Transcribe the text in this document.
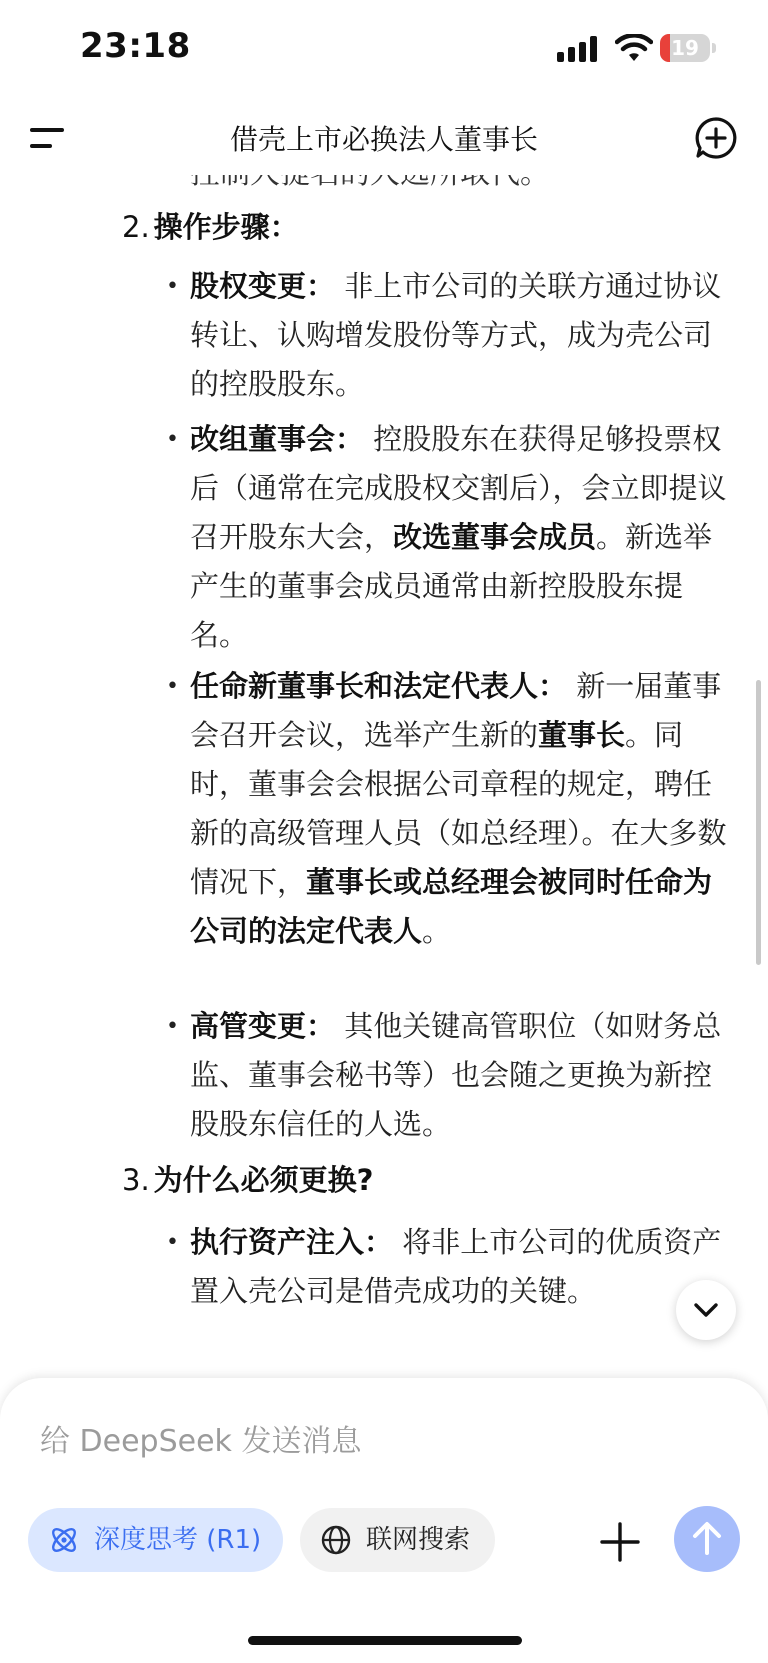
23:18	19
借壳上市必换法人董事长
2. 操作步骤：
• 股权变更： 非上市公司的关联方通过协议转让、认购增发股份等方式，成为壳公司的控股股东。
• 改组董事会： 控股股东在获得足够投票权后（通常在完成股权交割后），会立即提议召开股东大会，改选董事会成员。新选举产生的董事会成员通常由新控股股东提名。
• 任命新董事长和法定代表人： 新一届董事会召开会议，选举产生新的董事长。同时，董事会会根据公司章程的规定，聘任新的高级管理人员（如总经理）。在大多数情况下，董事长或总经理会被同时任命为公司的法定代表人。
• 高管变更： 其他关键高管职位（如财务总监、董事会秘书等）也会随之更换为新控股股东信任的人选。
3. 为什么必须更换?
• 执行资产注入： 将非上市公司的优质资产置入壳公司是借壳成功的关键。
给 DeepSeek 发送消息
深度思考 (R1)	联网搜索
